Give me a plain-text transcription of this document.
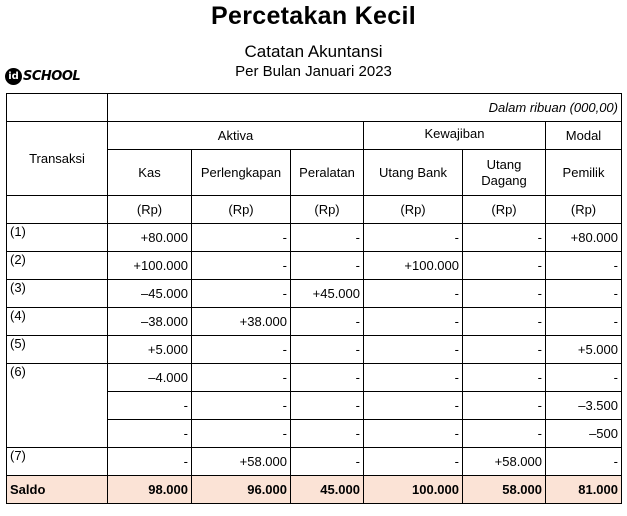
Percetakan Kecil
Catatan Akuntansi
Per Bulan Januari 2023
id SCHOOL
	Dalam ribuan (000,00)					
Transaksi	Aktiva			Kewajiban		Modal
	Kas	Perlengkapan	Peralatan	Utang Bank	Utang Dagang	Pemilik
	(Rp)	(Rp)	(Rp)	(Rp)	(Rp)	(Rp)
(1)	+80.000	-	-	-	-	+80.000
(2)	+100.000	-	-	+100.000	-	-
(3)	–45.000	-	+45.000	-	-	-
(4)	–38.000	+38.000	-	-	-	-
(5)	+5.000	-	-	-	-	+5.000
(6)	–4.000	-	-	-	-	-
	-	-	-	-	-	–3.500
	-	-	-	-	-	–500
(7)	-	+58.000	-	-	+58.000	-
Saldo	98.000	96.000	45.000	100.000	58.000	81.000
